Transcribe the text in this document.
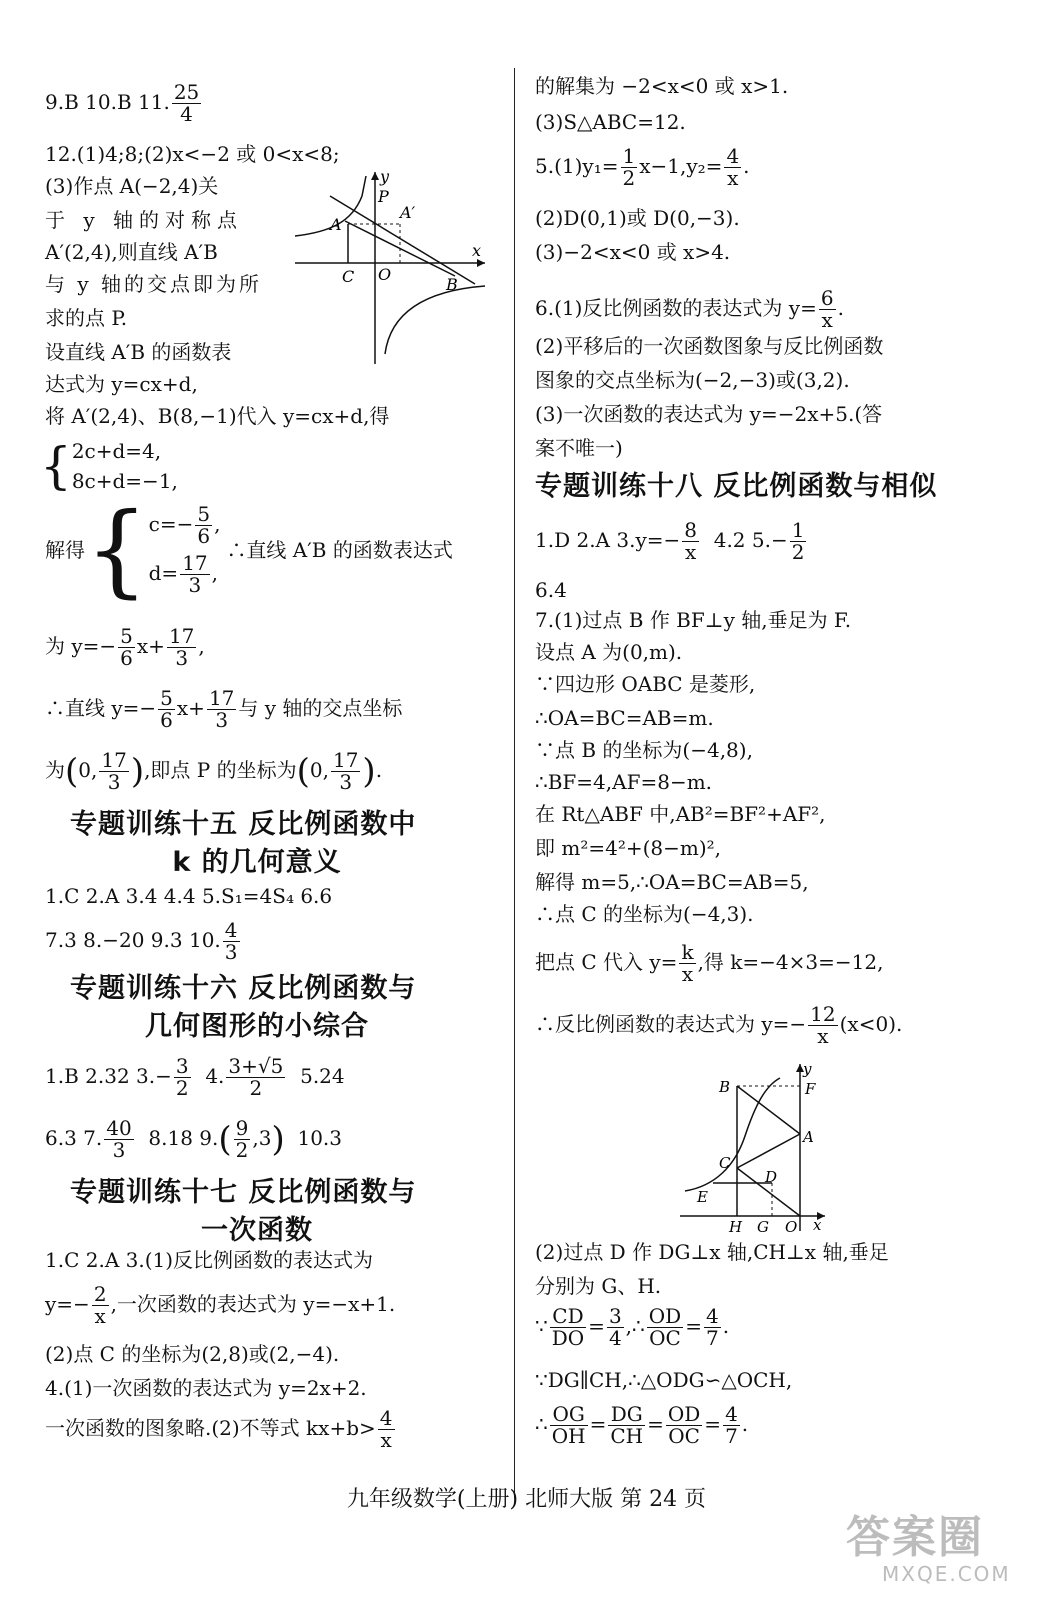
9.B 10.B 11. $\frac{25}{4}$
12.(1)4;8;(2)x<−2 或 0<x<8;
(3)作点 A(−2,4)关
于 y 轴的对称点
A′(2,4),则直线 A′B
与 y 轴的交点即为所
求的点 P.
设直线 A′B 的函数表
达式为 y=cx+d,
将 A′(2,4)、B(8,−1)代入 y=cx+d,得
y
P
A′
A
x
C O
B
{ 2c+d=4,
8c+d=−1,
解得{ $c=- \frac{5}{6}$ ,
$d= \frac{17}{3}$ ,
∴直线 A′B 的函数表达式
为 $y=- \frac{5}{6} x+ \frac{17}{3}$ ,
∴直线 $y=- \frac{5}{6} x+ \frac{17}{3}$ 与 y 轴的交点坐标
为(0, $\frac{17}{3}$ ),即点 P 的坐标为(0, $\frac{17}{3}$ ).
专题训练十五 反比例函数中
k 的几何意义
1.C 2.A 3.4 4.4 5.S₁=4S₄ 6.6
7.3 8.−20 9.3 10. $\frac{4}{3}$
专题训练十六 反比例函数与
几何图形的小综合
1.B 2.32 $3.- \frac{3}{2} 4$. $\frac{3+√5}{2} 5.24$
6.3 7. $\frac{40}{3} 8.18$ $9.( \frac{9}{2} ,3)$ 10.3
专题训练十七 反比例函数与
一次函数
1.C 2.A 3.(1)反比例函数的表达式为
$y=- \frac{2}{x}$ ,一次函数的表达式为 y=−x+1.
(2)点 C 的坐标为(2,8)或(2,−4).
4.(1)一次函数的表达式为 y=2x+2.
一次函数的图象略.(2)不等式 $kx+b> \frac{4}{x}$
的解集为 −2<x<0 或 x>1.
(3)S△ABC=12.
$5.(1)y_1= \frac{1}{2} x-1,y_2= \frac{4}{x}$ .
(2)D(0,1)或 D(0,−3).
(3)−2<x<0 或 x>4.
6.(1)反比例函数的表达式为 $y= \frac{6}{x}$ .
(2)平移后的一次函数图象与反比例函数
图象的交点坐标为(−2,−3)或(3,2).
(3)一次函数的表达式为 y=−2x+5.(答
案不唯一)
专题训练十八 反比例函数与相似
1.D 2.A $3.y=- \frac{8}{x} 4.2$ $5.- \frac{1}{2}$
6.4
7.(1)过点 B 作 BF⊥y 轴,垂足为 F.
设点 A 为(0,m).
∵四边形 OABC 是菱形,
∴OA=BC=AB=m.
∵点 B 的坐标为(−4,8),
∴BF=4,AF=8−m.
在 Rt△ABF 中,AB²=BF²+AF²,
即 m²=4²+(8−m)²,
解得 m=5,∴OA=BC=AB=5,
∴点 C 的坐标为(−4,3).
把点 C 代入 $y= \frac{k}{x}$ ,得 k=−4×3=−12,
∴反比例函数的表达式为 $y=- \frac{12}{x} (x<0)$.
y
B	F
A
C
D
E
H G O x
(2)过点 D 作 DG⊥x 轴,CH⊥x 轴,垂足
分别为 G、H.
∵ $\frac{CD}{DO} = \frac{3}{4}$ ,∴ $\frac{OD}{OC} = \frac{4}{7}$ .
∵DG∥CH,∴△ODG∽△OCH,
∴ $\frac{OG}{OH} = \frac{DG}{CH} = \frac{OD}{OC} = \frac{4}{7}$ .
九年级数学(上册) 北师大版 第 24 页
答案圈
MXQE.COM
